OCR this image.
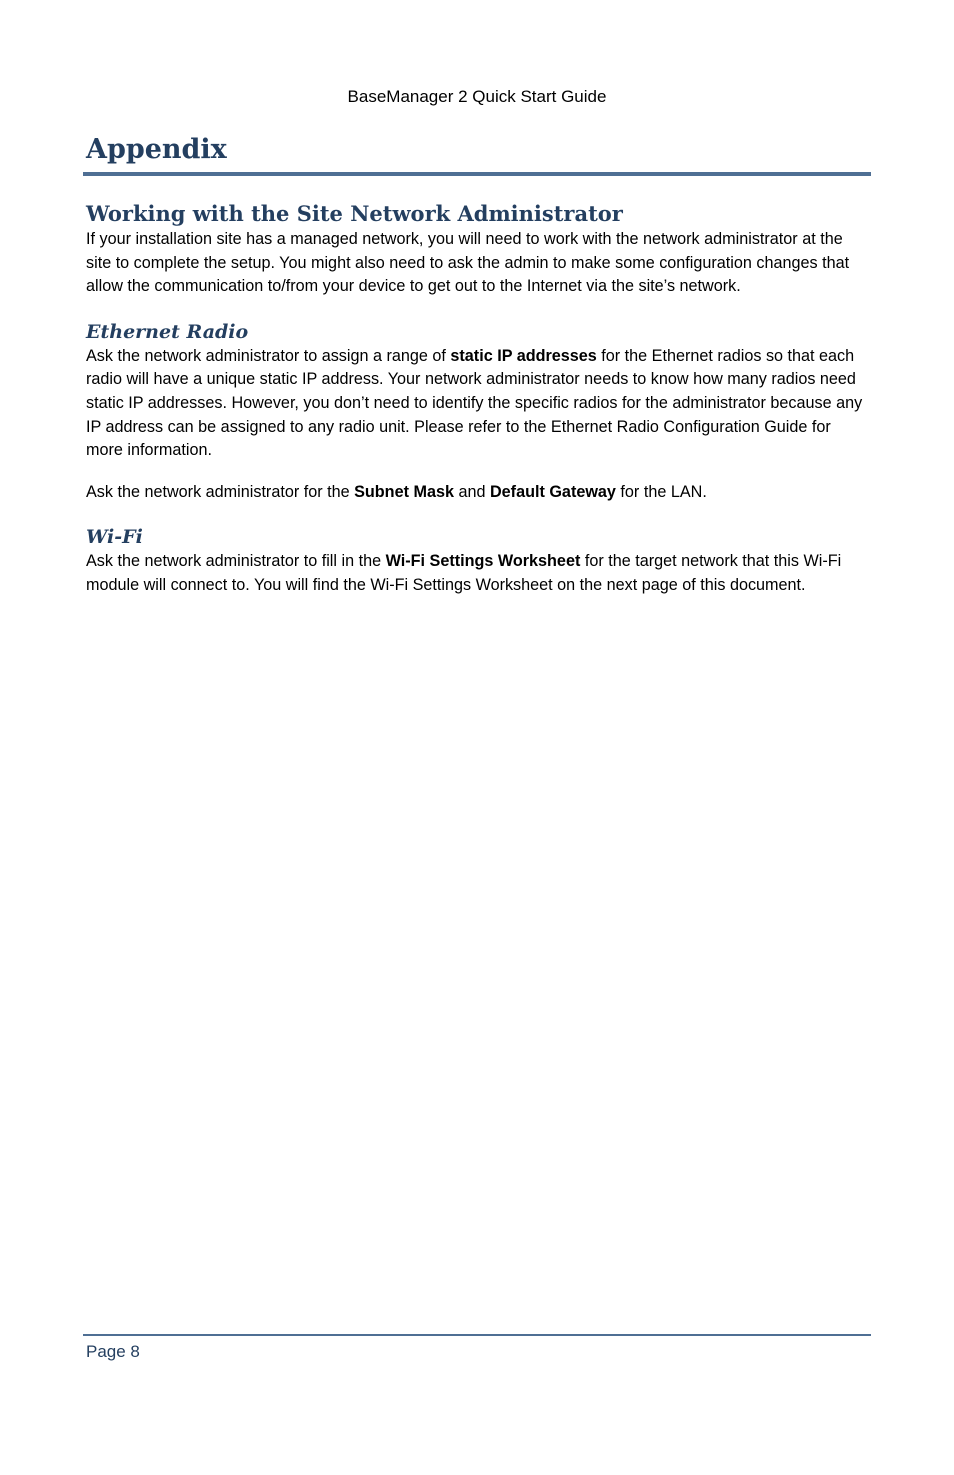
BaseManager 2 Quick Start Guide
Appendix
Working with the Site Network Administrator

If your installation site has a managed network, you will need to work with the network administrator at the site to complete the setup. You might also need to ask the admin to make some configuration changes that allow the communication to/from your device to get out to the Internet via the site’s network.

Ethernet Radio

Ask the network administrator to assign a range of static IP addresses for the Ethernet radios so that each radio will have a unique static IP address. Your network administrator needs to know how many radios need static IP addresses. However, you don’t need to identify the specific radios for the administrator because any IP address can be assigned to any radio unit. Please refer to the Ethernet Radio Configuration Guide for more information.

Ask the network administrator for the Subnet Mask and Default Gateway for the LAN.

Wi-Fi

Ask the network administrator to fill in the Wi-Fi Settings Worksheet for the target network that this Wi-Fi module will connect to. You will find the Wi-Fi Settings Worksheet on the next page of this document.

Page 8
